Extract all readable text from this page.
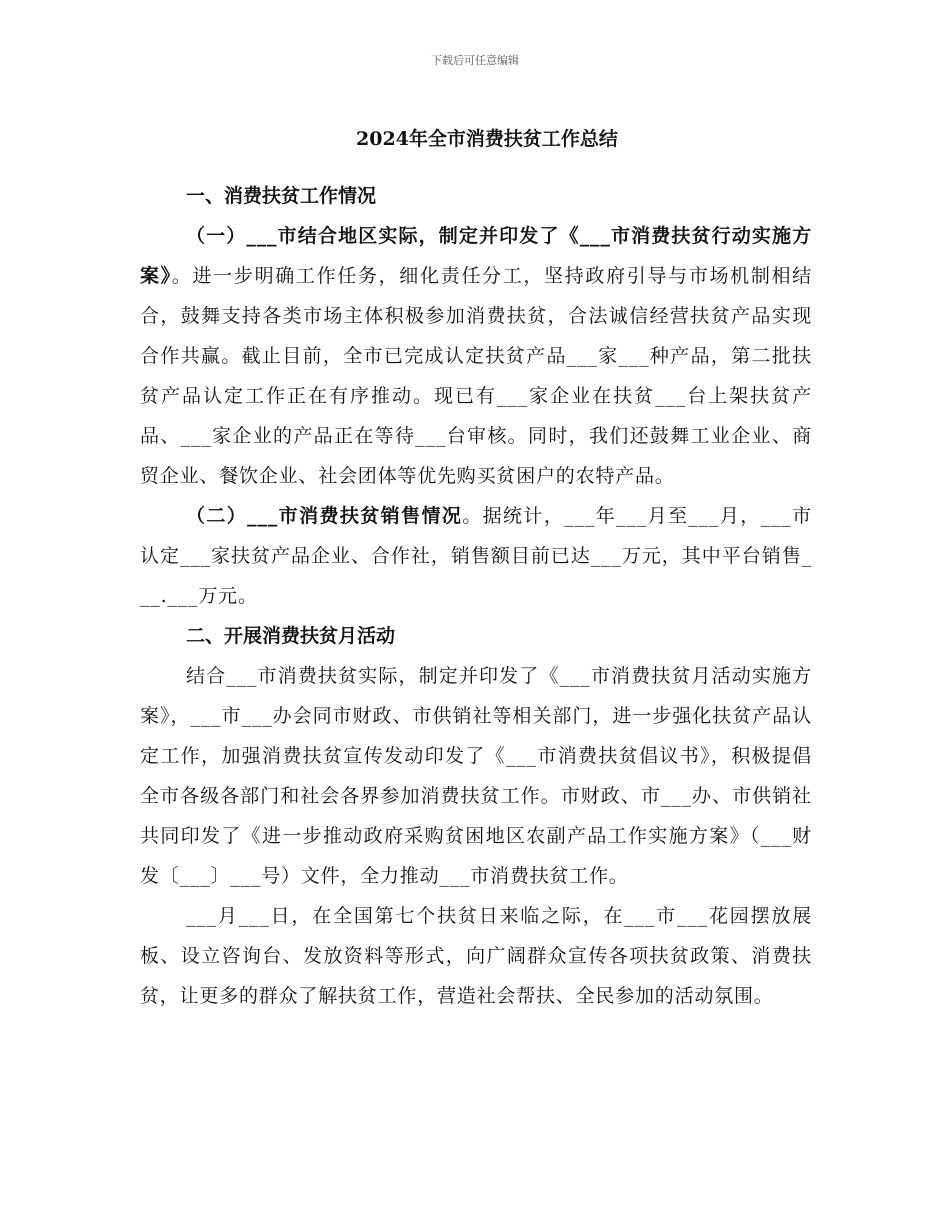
下载后可任意编辑
2024年全市消费扶贫工作总结
一、消费扶贫工作情况

（一）___市结合地区实际，制定并印发了《___市消费扶贫行动实施方案》。进一步明确工作任务，细化责任分工，坚持政府引导与市场机制相结合，鼓舞支持各类市场主体积极参加消费扶贫，合法诚信经营扶贫产品实现合作共赢。截止目前，全市已完成认定扶贫产品___家___种产品，第二批扶贫产品认定工作正在有序推动。现已有___家企业在扶贫___台上架扶贫产品、___家企业的产品正在等待___台审核。同时，我们还鼓舞工业企业、商贸企业、餐饮企业、社会团体等优先购买贫困户的农特产品。

（二）___市消费扶贫销售情况。据统计，___年___月至___月，___市认定___家扶贫产品企业、合作社，销售额目前已达___万元，其中平台销售___.___万元。

二、开展消费扶贫月活动

结合___市消费扶贫实际，制定并印发了《___市消费扶贫月活动实施方案》，___市___办会同市财政、市供销社等相关部门，进一步强化扶贫产品认定工作，加强消费扶贫宣传发动印发了《___市消费扶贫倡议书》，积极提倡全市各级各部门和社会各界参加消费扶贫工作。市财政、市___办、市供销社共同印发了《进一步推动政府采购贫困地区农副产品工作实施方案》（___财发〔___〕___号）文件，全力推动___市消费扶贫工作。

___月___日，在全国第七个扶贫日来临之际，在___市___花园摆放展板、设立咨询台、发放资料等形式，向广阔群众宣传各项扶贫政策、消费扶贫，让更多的群众了解扶贫工作，营造社会帮扶、全民参加的活动氛围。
